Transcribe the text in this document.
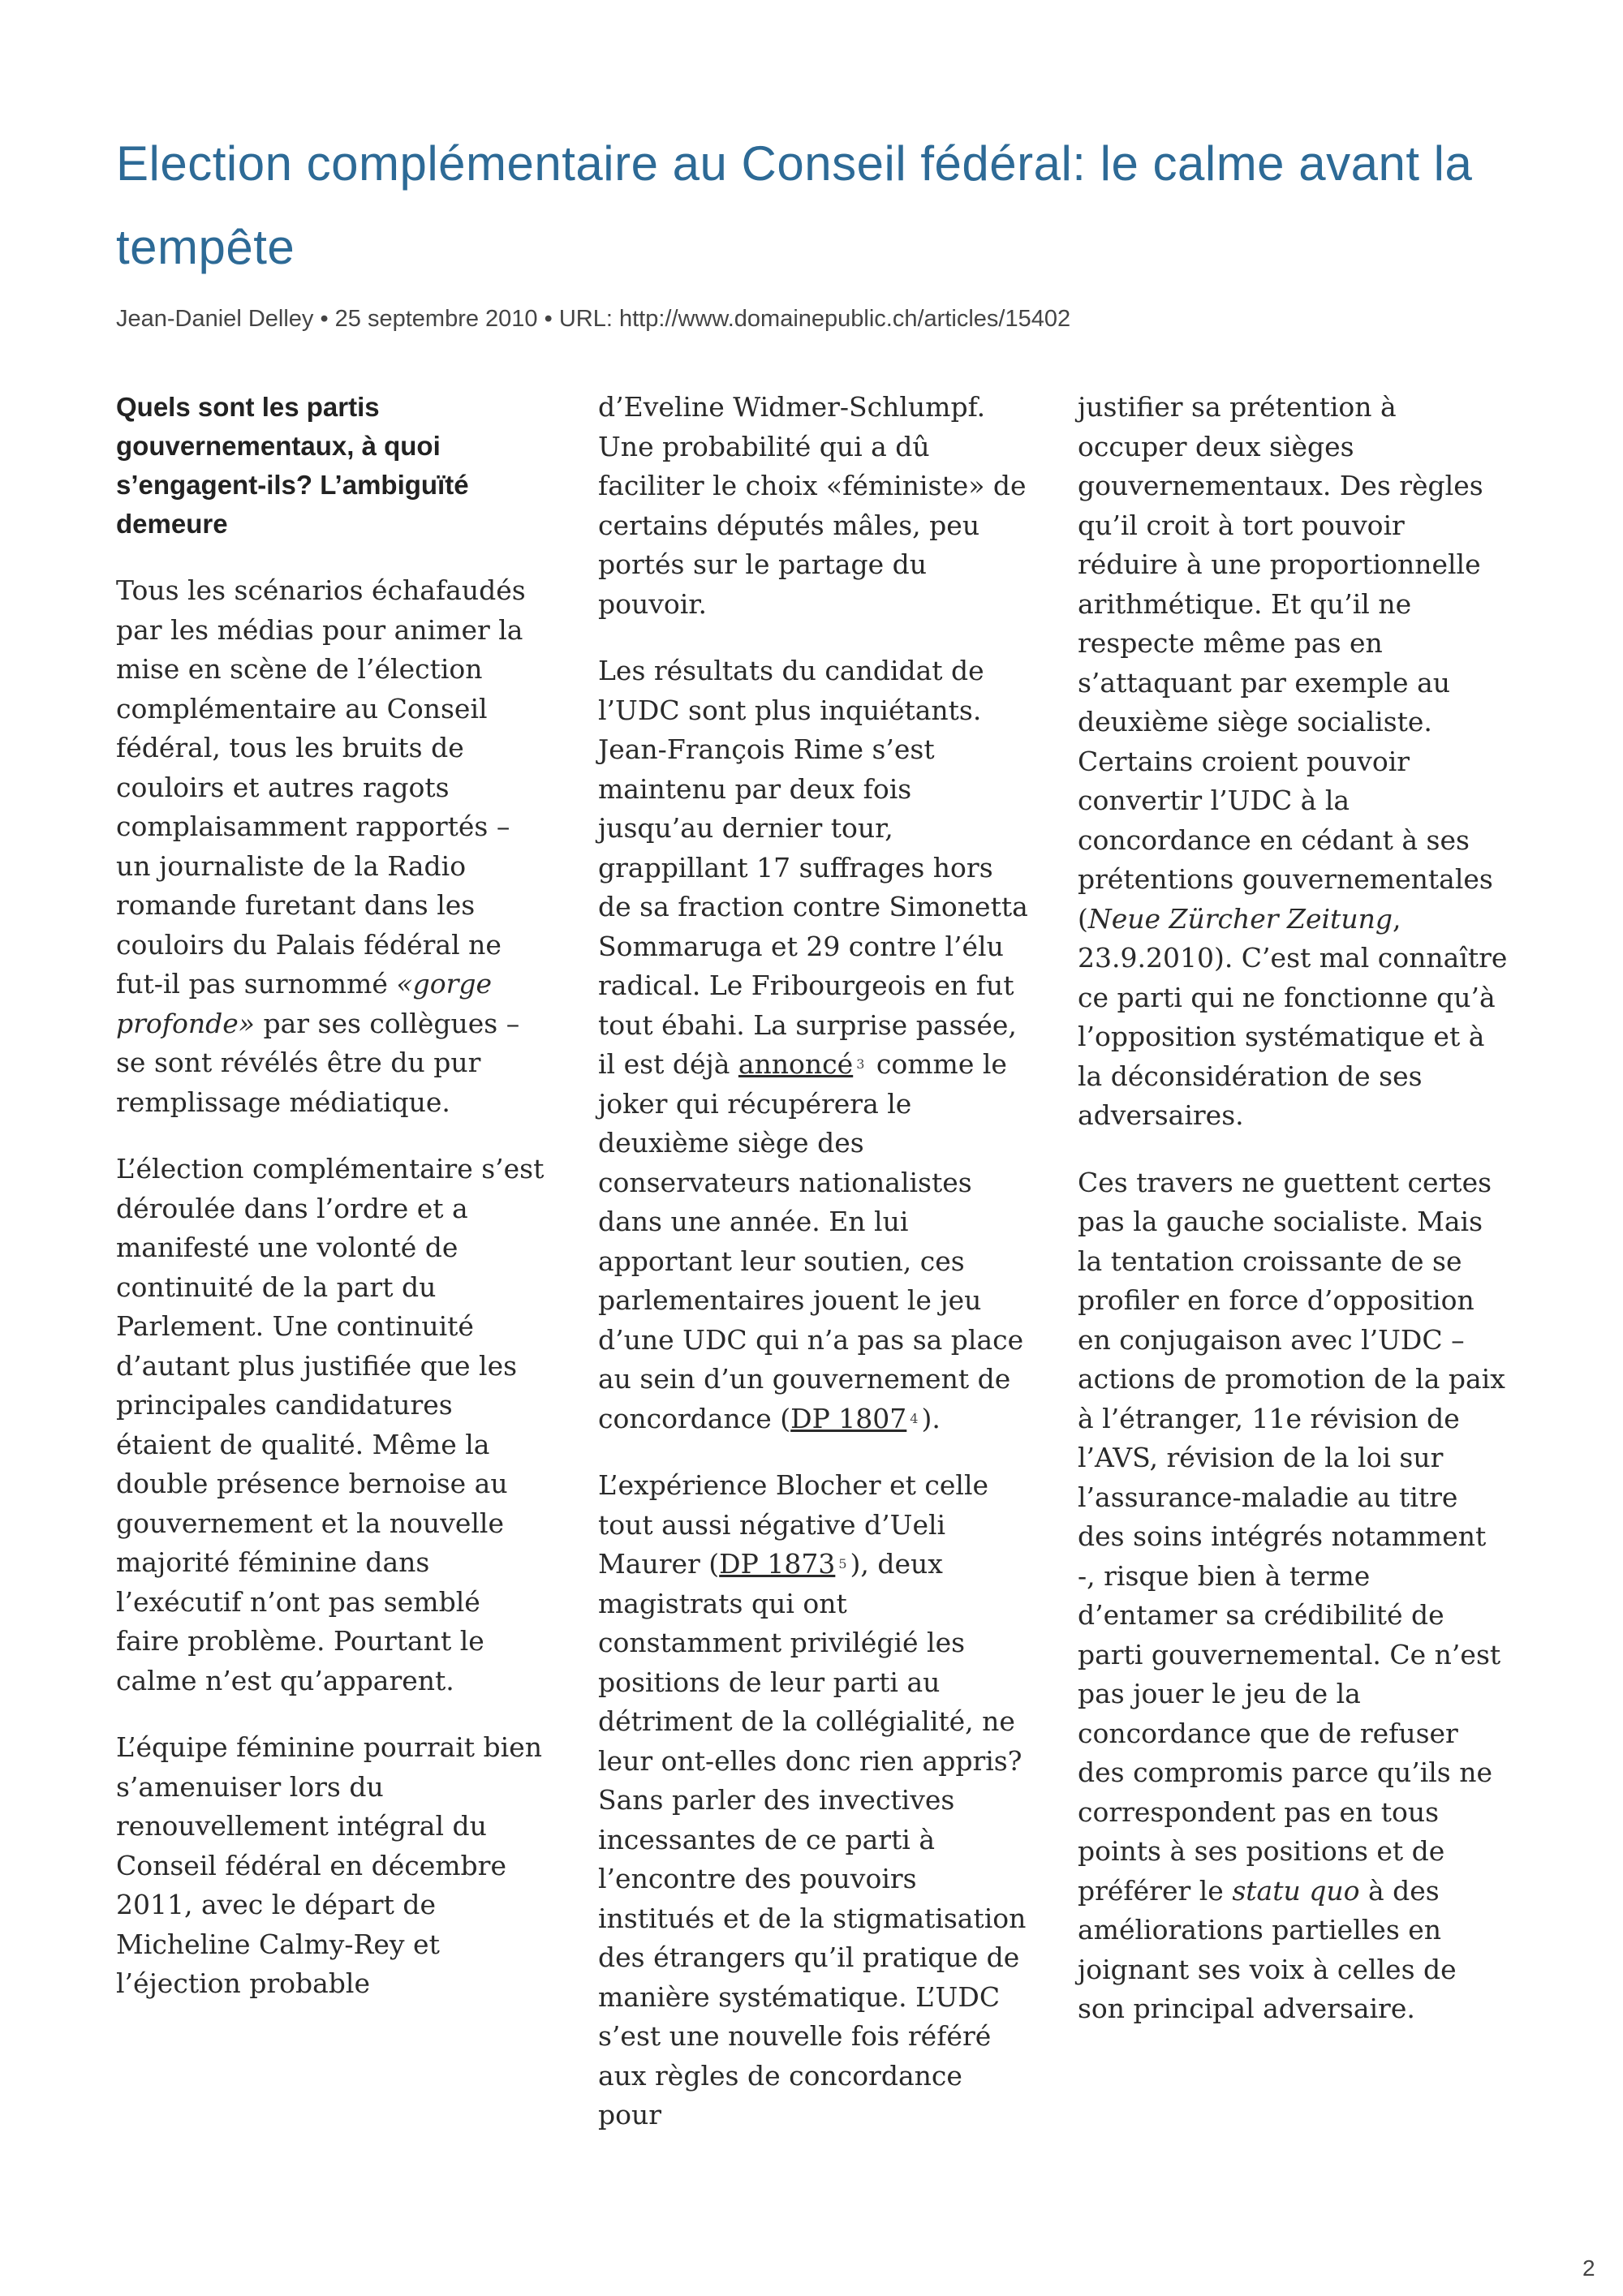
Election complémentaire au Conseil fédéral: le calme avant la tempête
Jean-Daniel Delley • 25 septembre 2010 • URL: http://www.domainepublic.ch/articles/15402

Quels sont les partis gouvernementaux, à quoi s’engagent-ils? L’ambiguïté demeure

Tous les scénarios échafaudés par les médias pour animer la mise en scène de l’élection complémentaire au Conseil fédéral, tous les bruits de couloirs et autres ragots complaisamment rapportés – un journaliste de la Radio romande furetant dans les couloirs du Palais fédéral ne fut-il pas surnommé «gorge profonde» par ses collègues – se sont révélés être du pur remplissage médiatique.

L’élection complémentaire s’est déroulée dans l’ordre et a manifesté une volonté de continuité de la part du Parlement. Une continuité d’autant plus justifiée que les principales candidatures étaient de qualité. Même la double présence bernoise au gouvernement et la nouvelle majorité féminine dans l’exécutif n’ont pas semblé faire problème. Pourtant le calme n’est qu’apparent.

L’équipe féminine pourrait bien s’amenuiser lors du renouvellement intégral du Conseil fédéral en décembre 2011, avec le départ de Micheline Calmy-Rey et l’éjection probable

d’Eveline Widmer-Schlumpf. Une probabilité qui a dû faciliter le choix «féministe» de certains députés mâles, peu portés sur le partage du pouvoir.

Les résultats du candidat de l’UDC sont plus inquiétants. Jean-François Rime s’est maintenu par deux fois jusqu’au dernier tour, grappillant 17 suffrages hors de sa fraction contre Simonetta Sommaruga et 29 contre l’élu radical. Le Fribourgeois en fut tout ébahi. La surprise passée, il est déjà annoncé $^3$ comme le joker qui récupérera le deuxième siège des conservateurs nationalistes dans une année. En lui apportant leur soutien, ces parlementaires jouent le jeu d’une UDC qui n’a pas sa place au sein d’un gouvernement de concordance (DP 1807 $^4$ ).

L’expérience Blocher et celle tout aussi négative d’Ueli Maurer (DP 1873 $^5$ ), deux magistrats qui ont constamment privilégié les positions de leur parti au détriment de la collégialité, ne leur ont-elles donc rien appris? Sans parler des invectives incessantes de ce parti à l’encontre des pouvoirs institués et de la stigmatisation des étrangers qu’il pratique de manière systématique. L’UDC s’est une nouvelle fois référé aux règles de concordance pour

justifier sa prétention à occuper deux sièges gouvernementaux. Des règles qu’il croit à tort pouvoir réduire à une proportionnelle arithmétique. Et qu’il ne respecte même pas en s’attaquant par exemple au deuxième siège socialiste. Certains croient pouvoir convertir l’UDC à la concordance en cédant à ses prétentions gouvernementales (Neue Zürcher Zeitung, 23.9.2010). C’est mal connaître ce parti qui ne fonctionne qu’à l’opposition systématique et à la déconsidération de ses adversaires.

Ces travers ne guettent certes pas la gauche socialiste. Mais la tentation croissante de se profiler en force d’opposition en conjugaison avec l’UDC – actions de promotion de la paix à l’étranger, 11e révision de l’AVS, révision de la loi sur l’assurance-maladie au titre des soins intégrés notamment -, risque bien à terme d’entamer sa crédibilité de parti gouvernemental. Ce n’est pas jouer le jeu de la concordance que de refuser des compromis parce qu’ils ne correspondent pas en tous points à ses positions et de préférer le statu quo à des améliorations partielles en joignant ses voix à celles de son principal adversaire.

2
